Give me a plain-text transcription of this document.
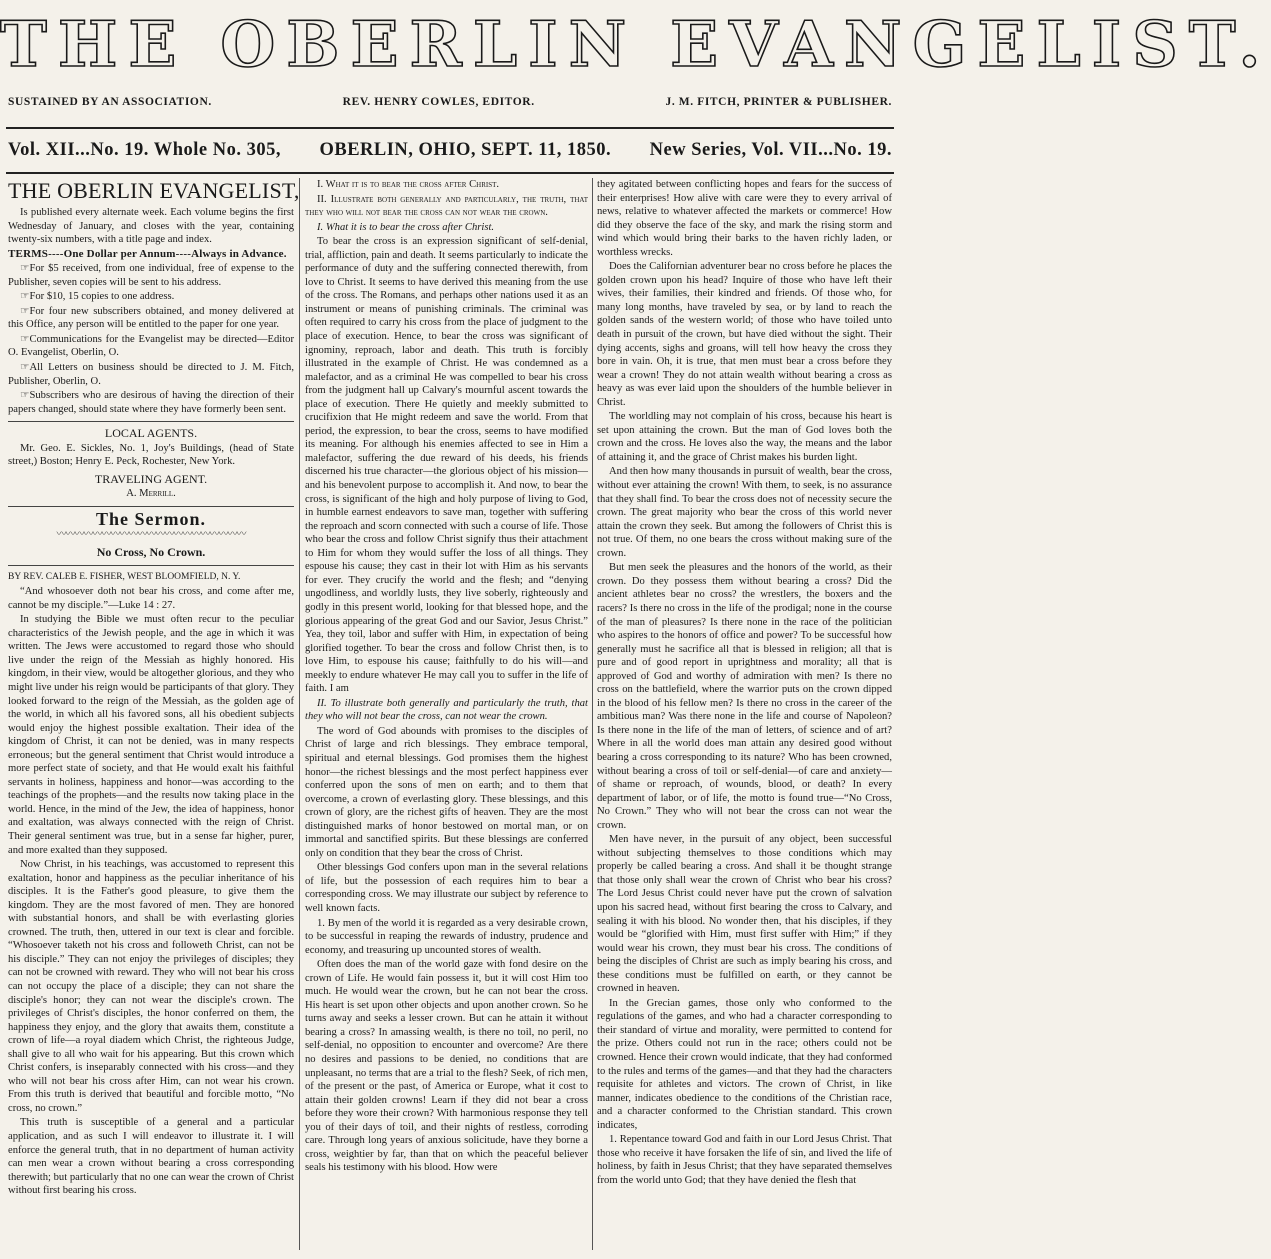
THE OBERLIN EVANGELIST.
SUSTAINED BY AN ASSOCIATION.	REV. HENRY COWLES, EDITOR.	J. M. FITCH, PRINTER & PUBLISHER.
Vol. XII...No. 19. Whole No. 305, OBERLIN, OHIO, SEPT. 11, 1850. New Series, Vol. VII...No. 19.
THE OBERLIN EVANGELIST,

Is published every alternate week. Each volume begins the first Wednesday of January, and closes with the year, containing twenty-six numbers, with a title page and index.

TERMS----One Dollar per Annum----Always in Advance.

☞For $5 received, from one individual, free of expense to the Publisher, seven copies will be sent to his address.

☞For $10, 15 copies to one address.

☞For four new subscribers obtained, and money delivered at this Office, any person will be entitled to the paper for one year.

☞Communications for the Evangelist may be directed—Editor O. Evangelist, Oberlin, O.

☞All Letters on business should be directed to J. M. Fitch, Publisher, Oberlin, O.

☞Subscribers who are desirous of having the direction of their papers changed, should state where they have formerly been sent.

LOCAL AGENTS.

Mr. Geo. E. Sickles, No. 1, Joy's Buildings, (head of State street,) Boston; Henry E. Peck, Rochester, New York.

TRAVELING AGENT.

A. Merrill.

The Sermon.
〰〰〰〰〰〰〰〰〰〰〰〰〰〰〰〰〰〰〰〰〰
No Cross, No Crown.

BY REV. CALEB E. FISHER, WEST BLOOMFIELD, N. Y.

“And whosoever doth not bear his cross, and come after me, cannot be my disciple.”—Luke 14 : 27.

In studying the Bible we must often recur to the peculiar characteristics of the Jewish people, and the age in which it was written. The Jews were accustomed to regard those who should live under the reign of the Messiah as highly honored. His kingdom, in their view, would be altogether glorious, and they who might live under his reign would be participants of that glory. They looked forward to the reign of the Messiah, as the golden age of the world, in which all his favored sons, all his obedient subjects would enjoy the highest possible exaltation. Their idea of the kingdom of Christ, it can not be denied, was in many respects erroneous; but the general sentiment that Christ would introduce a more perfect state of society, and that He would exalt his faithful servants in holiness, happiness and honor—was according to the teachings of the prophets—and the results now taking place in the world. Hence, in the mind of the Jew, the idea of happiness, honor and exaltation, was always connected with the reign of Christ. Their general sentiment was true, but in a sense far higher, purer, and more exalted than they supposed.

Now Christ, in his teachings, was accustomed to represent this exaltation, honor and happiness as the peculiar inheritance of his disciples. It is the Father's good pleasure, to give them the kingdom. They are the most favored of men. They are honored with substantial honors, and shall be with everlasting glories crowned. The truth, then, uttered in our text is clear and forcible. “Whosoever taketh not his cross and followeth Christ, can not be his disciple.” They can not enjoy the privileges of disciples; they can not be crowned with reward. They who will not bear his cross can not occupy the place of a disciple; they can not share the disciple's honor; they can not wear the disciple's crown. The privileges of Christ's disciples, the honor conferred on them, the happiness they enjoy, and the glory that awaits them, constitute a crown of life—a royal diadem which Christ, the righteous Judge, shall give to all who wait for his appearing. But this crown which Christ confers, is inseparably connected with his cross—and they who will not bear his cross after Him, can not wear his crown. From this truth is derived that beautiful and forcible motto, “No cross, no crown.”

This truth is susceptible of a general and a particular application, and as such I will endeavor to illustrate it. I will enforce the general truth, that in no department of human activity can men wear a crown without bearing a cross corresponding therewith; but particularly that no one can wear the crown of Christ without first bearing his cross.

I. What it is to bear the cross after Christ.

II. Illustrate both generally and particularly, the truth, that they who will not bear the cross can not wear the crown.

I. What it is to bear the cross after Christ.

To bear the cross is an expression significant of self-denial, trial, affliction, pain and death. It seems particularly to indicate the performance of duty and the suffering connected therewith, from love to Christ. It seems to have derived this meaning from the use of the cross. The Romans, and perhaps other nations used it as an instrument or means of punishing criminals. The criminal was often required to carry his cross from the place of judgment to the place of execution. Hence, to bear the cross was significant of ignominy, reproach, labor and death. This truth is forcibly illustrated in the example of Christ. He was condemned as a malefactor, and as a criminal He was compelled to bear his cross from the judgment hall up Calvary's mournful ascent towards the place of execution. There He quietly and meekly submitted to crucifixion that He might redeem and save the world. From that period, the expression, to bear the cross, seems to have modified its meaning. For although his enemies affected to see in Him a malefactor, suffering the due reward of his deeds, his friends discerned his true character—the glorious object of his mission—and his benevolent purpose to accomplish it. And now, to bear the cross, is significant of the high and holy purpose of living to God, in humble earnest endeavors to save man, together with suffering the reproach and scorn connected with such a course of life. Those who bear the cross and follow Christ signify thus their attachment to Him for whom they would suffer the loss of all things. They espouse his cause; they cast in their lot with Him as his servants for ever. They crucify the world and the flesh; and “denying ungodliness, and worldly lusts, they live soberly, righteously and godly in this present world, looking for that blessed hope, and the glorious appearing of the great God and our Savior, Jesus Christ.” Yea, they toil, labor and suffer with Him, in expectation of being glorified together. To bear the cross and follow Christ then, is to love Him, to espouse his cause; faithfully to do his will—and meekly to endure whatever He may call you to suffer in the life of faith. I am

II. To illustrate both generally and particularly the truth, that they who will not bear the cross, can not wear the crown.

The word of God abounds with promises to the disciples of Christ of large and rich blessings. They embrace temporal, spiritual and eternal blessings. God promises them the highest honor—the richest blessings and the most perfect happiness ever conferred upon the sons of men on earth; and to them that overcome, a crown of everlasting glory. These blessings, and this crown of glory, are the richest gifts of heaven. They are the most distinguished marks of honor bestowed on mortal man, or on immortal and sanctified spirits. But these blessings are conferred only on condition that they bear the cross of Christ.

Other blessings God confers upon man in the several relations of life, but the possession of each requires him to bear a corresponding cross. We may illustrate our subject by reference to well known facts.

1. By men of the world it is regarded as a very desirable crown, to be successful in reaping the rewards of industry, prudence and economy, and treasuring up uncounted stores of wealth.

Often does the man of the world gaze with fond desire on the crown of Life. He would fain possess it, but it will cost Him too much. He would wear the crown, but he can not bear the cross. His heart is set upon other objects and upon another crown. So he turns away and seeks a lesser crown. But can he attain it without bearing a cross? In amassing wealth, is there no toil, no peril, no self-denial, no opposition to encounter and overcome? Are there no desires and passions to be denied, no conditions that are unpleasant, no terms that are a trial to the flesh? Seek, of rich men, of the present or the past, of America or Europe, what it cost to attain their golden crowns! Learn if they did not bear a cross before they wore their crown? With harmonious response they tell you of their days of toil, and their nights of restless, corroding care. Through long years of anxious solicitude, have they borne a cross, weightier by far, than that on which the peaceful believer seals his testimony with his blood. How were

they agitated between conflicting hopes and fears for the success of their enterprises! How alive with care were they to every arrival of news, relative to whatever affected the markets or commerce! How did they observe the face of the sky, and mark the rising storm and wind which would bring their barks to the haven richly laden, or worthless wrecks.

Does the Californian adventurer bear no cross before he places the golden crown upon his head? Inquire of those who have left their wives, their families, their kindred and friends. Of those who, for many long months, have traveled by sea, or by land to reach the golden sands of the western world; of those who have toiled unto death in pursuit of the crown, but have died without the sight. Their dying accents, sighs and groans, will tell how heavy the cross they bore in vain. Oh, it is true, that men must bear a cross before they wear a crown! They do not attain wealth without bearing a cross as heavy as was ever laid upon the shoulders of the humble believer in Christ.

The worldling may not complain of his cross, because his heart is set upon attaining the crown. But the man of God loves both the crown and the cross. He loves also the way, the means and the labor of attaining it, and the grace of Christ makes his burden light.

And then how many thousands in pursuit of wealth, bear the cross, without ever attaining the crown! With them, to seek, is no assurance that they shall find. To bear the cross does not of necessity secure the crown. The great majority who bear the cross of this world never attain the crown they seek. But among the followers of Christ this is not true. Of them, no one bears the cross without making sure of the crown.

But men seek the pleasures and the honors of the world, as their crown. Do they possess them without bearing a cross? Did the ancient athletes bear no cross? the wrestlers, the boxers and the racers? Is there no cross in the life of the prodigal; none in the course of the man of pleasures? Is there none in the race of the politician who aspires to the honors of office and power? To be successful how generally must he sacrifice all that is blessed in religion; all that is pure and of good report in uprightness and morality; all that is approved of God and worthy of admiration with men? Is there no cross on the battlefield, where the warrior puts on the crown dipped in the blood of his fellow men? Is there no cross in the career of the ambitious man? Was there none in the life and course of Napoleon? Is there none in the life of the man of letters, of science and of art? Where in all the world does man attain any desired good without bearing a cross corresponding to its nature? Who has been crowned, without bearing a cross of toil or self-denial—of care and anxiety—of shame or reproach, of wounds, blood, or death? In every department of labor, or of life, the motto is found true—“No Cross, No Crown.” They who will not bear the cross can not wear the crown.

Men have never, in the pursuit of any object, been successful without subjecting themselves to those conditions which may properly be called bearing a cross. And shall it be thought strange that those only shall wear the crown of Christ who bear his cross? The Lord Jesus Christ could never have put the crown of salvation upon his sacred head, without first bearing the cross to Calvary, and sealing it with his blood. No wonder then, that his disciples, if they would be “glorified with Him, must first suffer with Him;” if they would wear his crown, they must bear his cross. The conditions of being the disciples of Christ are such as imply bearing his cross, and these conditions must be fulfilled on earth, or they cannot be crowned in heaven.

In the Grecian games, those only who conformed to the regulations of the games, and who had a character corresponding to their standard of virtue and morality, were permitted to contend for the prize. Others could not run in the race; others could not be crowned. Hence their crown would indicate, that they had conformed to the rules and terms of the games—and that they had the characters requisite for athletes and victors. The crown of Christ, in like manner, indicates obedience to the conditions of the Christian race, and a character conformed to the Christian standard. This crown indicates,

1. Repentance toward God and faith in our Lord Jesus Christ. That those who receive it have forsaken the life of sin, and lived the life of holiness, by faith in Jesus Christ; that they have separated themselves from the world unto God; that they have denied the flesh that
